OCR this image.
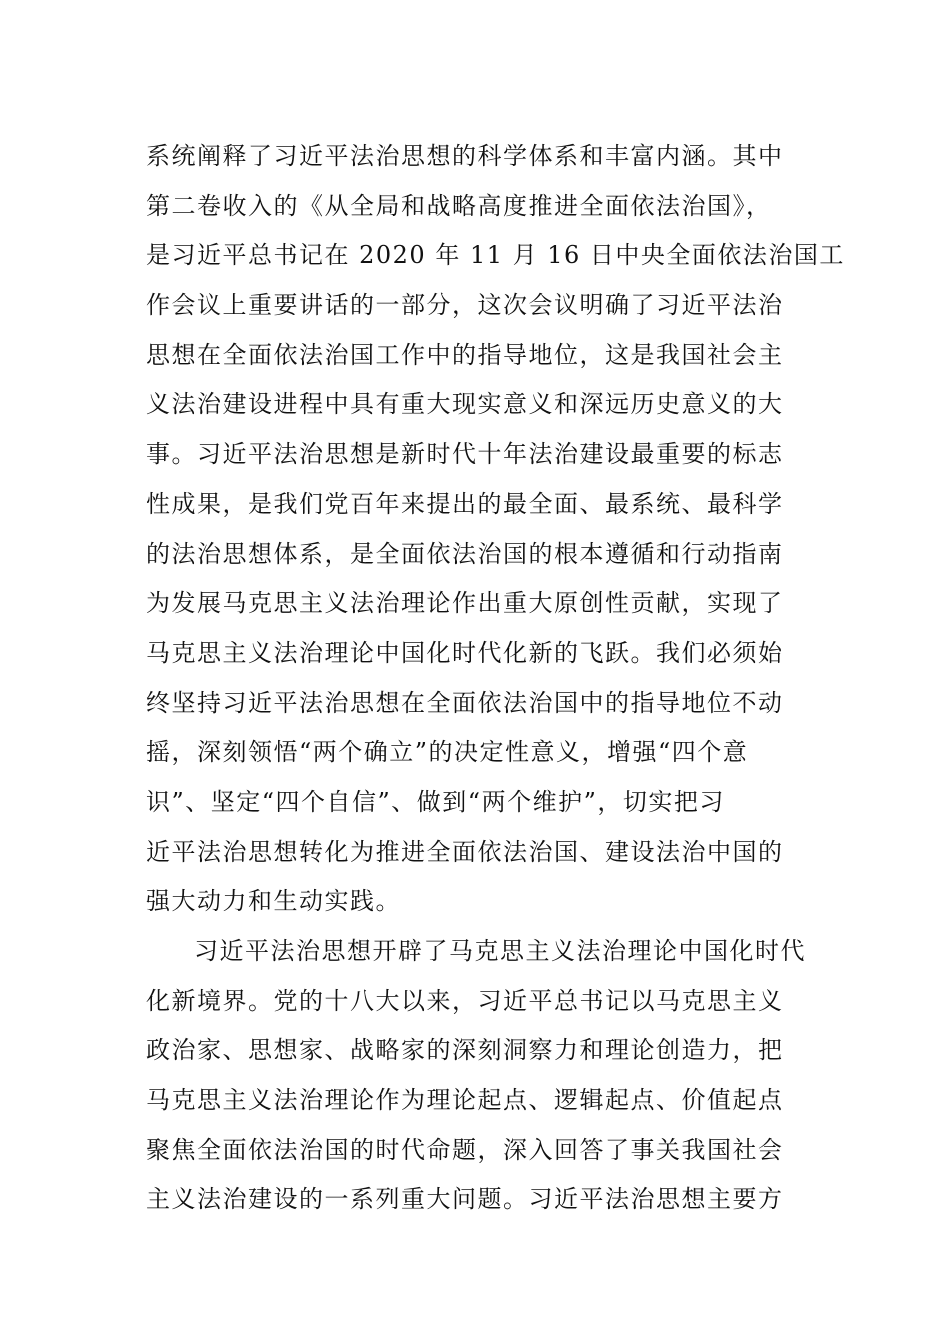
系统阐释了习近平法治思想的科学体系和丰富内涵。其中
第二卷收入的《从全局和战略高度推进全面依法治国》，
是习近平总书记在 2020 年 11 月 16 日中央全面依法治国工
作会议上重要讲话的一部分，这次会议明确了习近平法治
思想在全面依法治国工作中的指导地位，这是我国社会主
义法治建设进程中具有重大现实意义和深远历史意义的大
事。习近平法治思想是新时代十年法治建设最重要的标志
性成果，是我们党百年来提出的最全面、最系统、最科学
的法治思想体系，是全面依法治国的根本遵循和行动指南
为发展马克思主义法治理论作出重大原创性贡献，实现了
马克思主义法治理论中国化时代化新的飞跃。我们必须始
终坚持习近平法治思想在全面依法治国中的指导地位不动
摇，深刻领悟“两个确立”的决定性意义，增强“四个意
识”、坚定“四个自信”、做到“两个维护”，切实把习
近平法治思想转化为推进全面依法治国、建设法治中国的
强大动力和生动实践。
习近平法治思想开辟了马克思主义法治理论中国化时代
化新境界。党的十八大以来，习近平总书记以马克思主义
政治家、思想家、战略家的深刻洞察力和理论创造力，把
马克思主义法治理论作为理论起点、逻辑起点、价值起点
聚焦全面依法治国的时代命题，深入回答了事关我国社会
主义法治建设的一系列重大问题。习近平法治思想主要方
